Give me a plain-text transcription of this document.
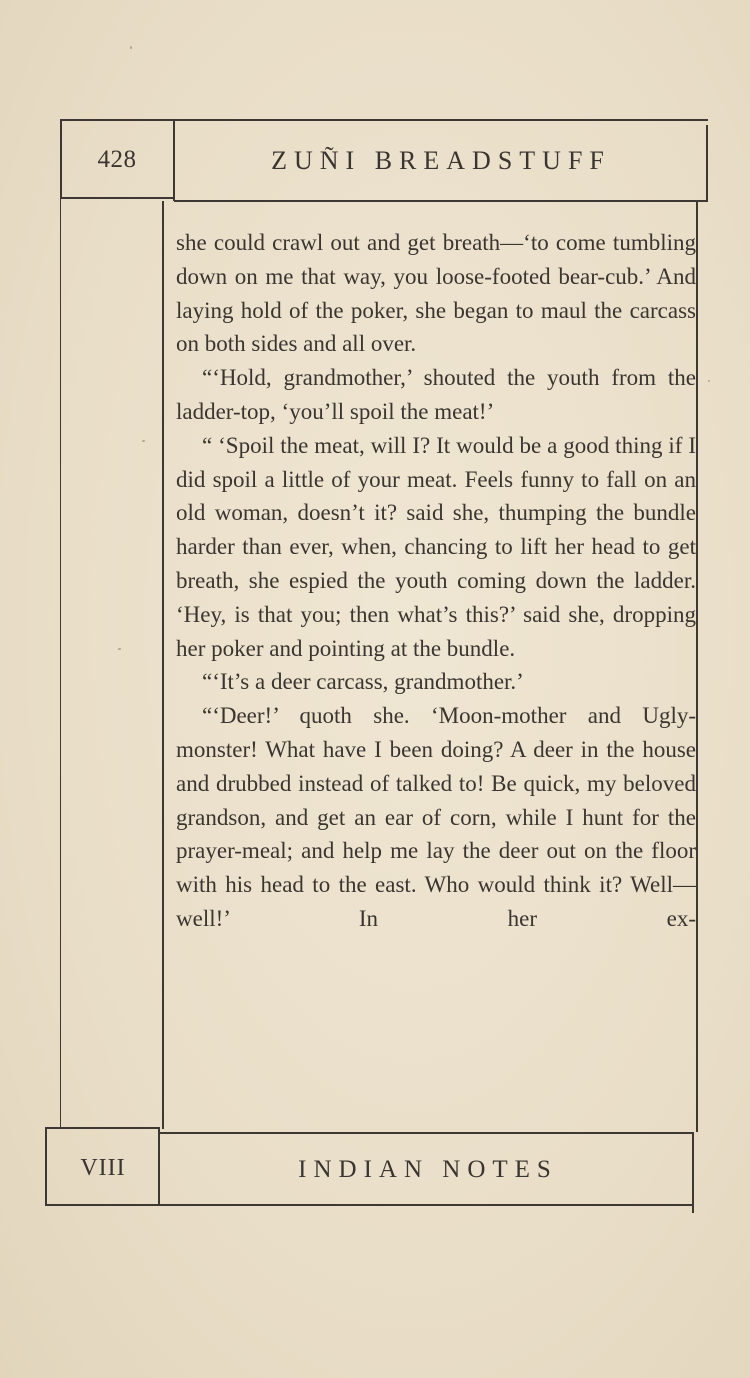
428	ZUÑI BREADSTUFF

she could crawl out and get breath—‘to come tumbling down on me that way, you loose-footed bear-cub.’ And laying hold of the poker, she began to maul the carcass on both sides and all over.

“‘Hold, grandmother,’ shouted the youth from the ladder-top, ‘you’ll spoil the meat!’

“ ‘Spoil the meat, will I? It would be a good thing if I did spoil a little of your meat. Feels funny to fall on an old woman, doesn’t it? said she, thumping the bundle harder than ever, when, chancing to lift her head to get breath, she espied the youth coming down the ladder. ‘Hey, is that you; then what’s this?’ said she, dropping her poker and pointing at the bundle.

“‘It’s a deer carcass, grandmother.’

“‘Deer!’ quoth she. ‘Moon-mother and Ugly-monster! What have I been doing? A deer in the house and drubbed instead of talked to! Be quick, my beloved grandson, and get an ear of corn, while I hunt for the prayer-meal; and help me lay the deer out on the floor with his head to the east. Who would think it? Well—well!’ In her ex-

VIII	INDIAN NOTES
